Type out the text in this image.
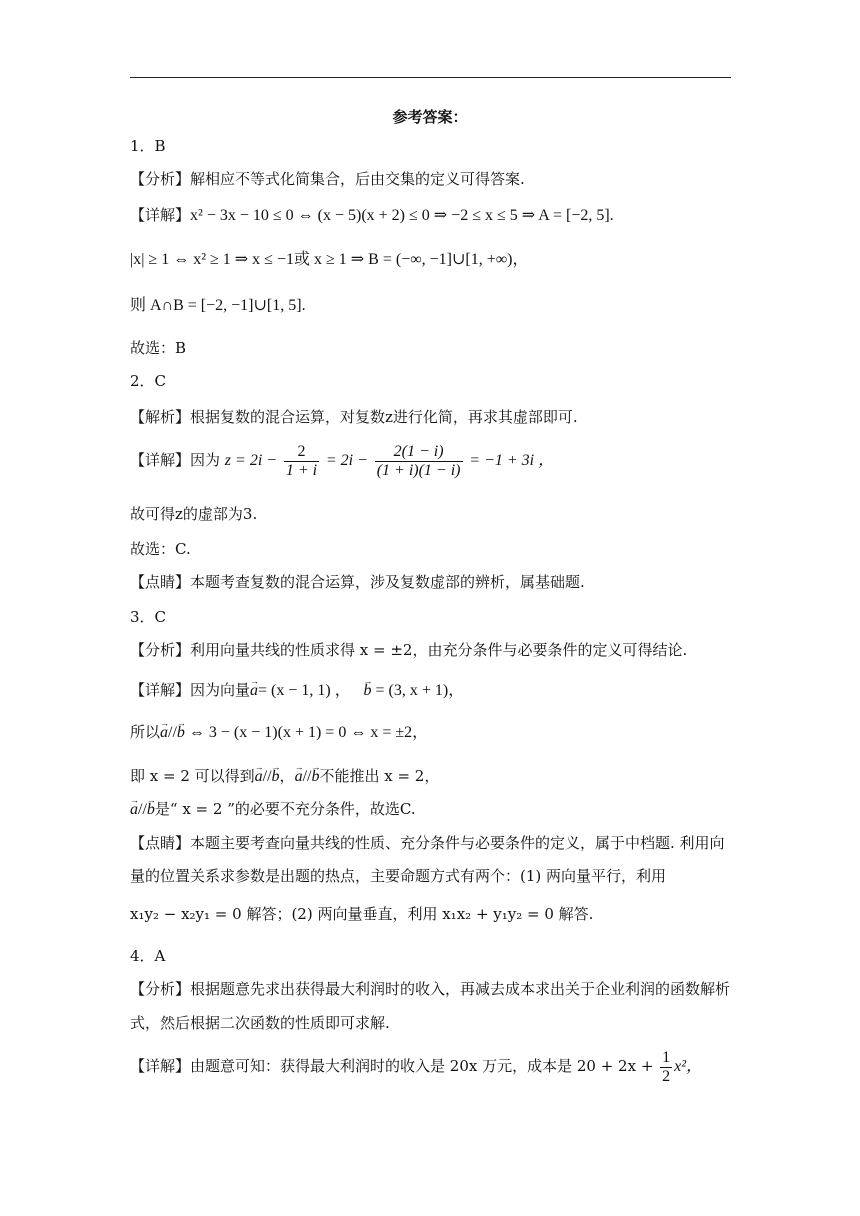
参考答案：
1．B
【分析】解相应不等式化简集合，后由交集的定义可得答案.
【详解】x² − 3x − 10 ≤ 0 ⇔ (x − 5)(x + 2) ≤ 0 ⇒ −2 ≤ x ≤ 5 ⇒ A = [−2, 5].
|x| ≥ 1 ⇔ x² ≥ 1 ⇒ x ≤ −1或 x ≥ 1 ⇒ B = (−∞, −1]∪[1, +∞)，
则 A∩B = [−2, −1]∪[1, 5].
故选：B
2．C
【解析】根据复数的混合运算，对复数z进行化简，再求其虚部即可.
【详解】因为 $z = 2i - \frac{2}{1 + i} = 2i - \frac{2(1 - i)}{(1 + i)(1 - i)} = -1 + 3i$ ，
故可得z的虚部为3.
故选：C.
【点睛】本题考查复数的混合运算，涉及复数虚部的辨析，属基础题.
3．C
【分析】利用向量共线的性质求得 x = ±2，由充分条件与必要条件的定义可得结论.
【详解】因为向量→ a= (x − 1, 1) ， → b = (3, x + 1)，
所以→ a//→ b ⇔ 3 − (x − 1)(x + 1) = 0 ⇔ x = ±2，
即 x = 2 可以得到→ a//→ b，→ a//→ b不能推出 x = 2，
→ a//→ b是“ x = 2 ”的必要不充分条件，故选C.
【点睛】本题主要考查向量共线的性质、充分条件与必要条件的定义，属于中档题. 利用向
量的位置关系求参数是出题的热点，主要命题方式有两个：(1) 两向量平行，利用
x₁y₂ − x₂y₁ = 0 解答；(2) 两向量垂直，利用 x₁x₂ + y₁y₂ = 0 解答.
4．A
【分析】根据题意先求出获得最大利润时的收入，再减去成本求出关于企业利润的函数解析
式，然后根据二次函数的性质即可求解.
【详解】由题意可知：获得最大利润时的收入是 20x 万元，成本是 $20 + 2x + \frac{1}{2} x^2$，
